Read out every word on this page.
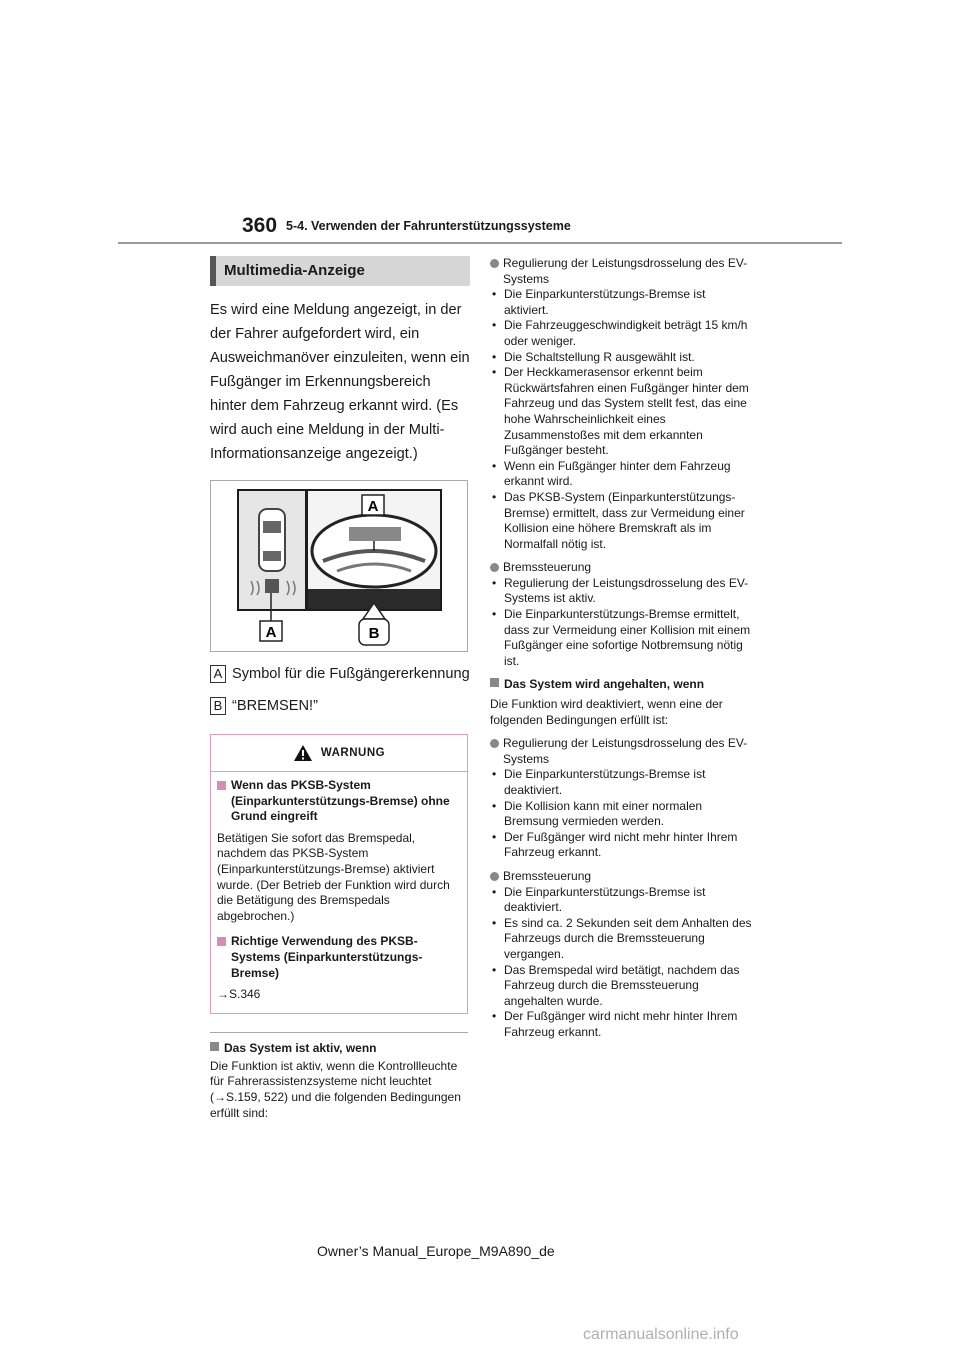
360 5-4. Verwenden der Fahrunterstützungssysteme
Multimedia-Anzeige
Es wird eine Meldung angezeigt, in der der Fahrer aufgefordert wird, ein Ausweichmanöver einzuleiten, wenn ein Fußgänger im Erkennungsbereich hinter dem Fahrzeug erkannt wird. (Es wird auch eine Meldung in der Multi-Informationsanzeige angezeigt.)
A
A	B
A Symbol für die Fußgängererkennung
B “BREMSEN!”
WARNUNG
Wenn das PKSB-System (Einparkunterstützungs-Bremse) ohne Grund eingreift
Betätigen Sie sofort das Bremspedal, nachdem das PKSB-System (Einparkunterstützungs-Bremse) aktiviert wurde. (Der Betrieb der Funktion wird durch die Betätigung des Bremspedals abgebrochen.)
Richtige Verwendung des PKSB-Systems (Einparkunterstützungs-Bremse)
→S.346
Das System ist aktiv, wenn
Die Funktion ist aktiv, wenn die Kontrollleuchte für Fahrerassistenzsysteme nicht leuchtet (→S.159, 522) und die folgenden Bedingungen erfüllt sind:
Regulierung der Leistungsdrosselung des EV-Systems
• Die Einparkunterstützungs-Bremse ist aktiviert.
• Die Fahrzeuggeschwindigkeit beträgt 15 km/h oder weniger.
• Die Schaltstellung R ausgewählt ist.
• Der Heckkamerasensor erkennt beim Rückwärtsfahren einen Fußgänger hinter dem Fahrzeug und das System stellt fest, das eine hohe Wahrscheinlichkeit eines Zusammenstoßes mit dem erkannten Fußgänger besteht.
• Wenn ein Fußgänger hinter dem Fahrzeug erkannt wird.
• Das PKSB-System (Einparkunterstützungs-Bremse) ermittelt, dass zur Vermeidung einer Kollision eine höhere Bremskraft als im Normalfall nötig ist.
Bremssteuerung
• Regulierung der Leistungsdrosselung des EV-Systems ist aktiv.
• Die Einparkunterstützungs-Bremse ermittelt, dass zur Vermeidung einer Kollision mit einem Fußgänger eine sofortige Notbremsung nötig ist.
Das System wird angehalten, wenn
Die Funktion wird deaktiviert, wenn eine der folgenden Bedingungen erfüllt ist:
Regulierung der Leistungsdrosselung des EV-Systems
• Die Einparkunterstützungs-Bremse ist deaktiviert.
• Die Kollision kann mit einer normalen Bremsung vermieden werden.
• Der Fußgänger wird nicht mehr hinter Ihrem Fahrzeug erkannt.
Bremssteuerung
• Die Einparkunterstützungs-Bremse ist deaktiviert.
• Es sind ca. 2 Sekunden seit dem Anhalten des Fahrzeugs durch die Bremssteuerung vergangen.
• Das Bremspedal wird betätigt, nachdem das Fahrzeug durch die Bremssteuerung angehalten wurde.
• Der Fußgänger wird nicht mehr hinter Ihrem Fahrzeug erkannt.
Owner’s Manual_Europe_M9A890_de
carmanualsonline.info
